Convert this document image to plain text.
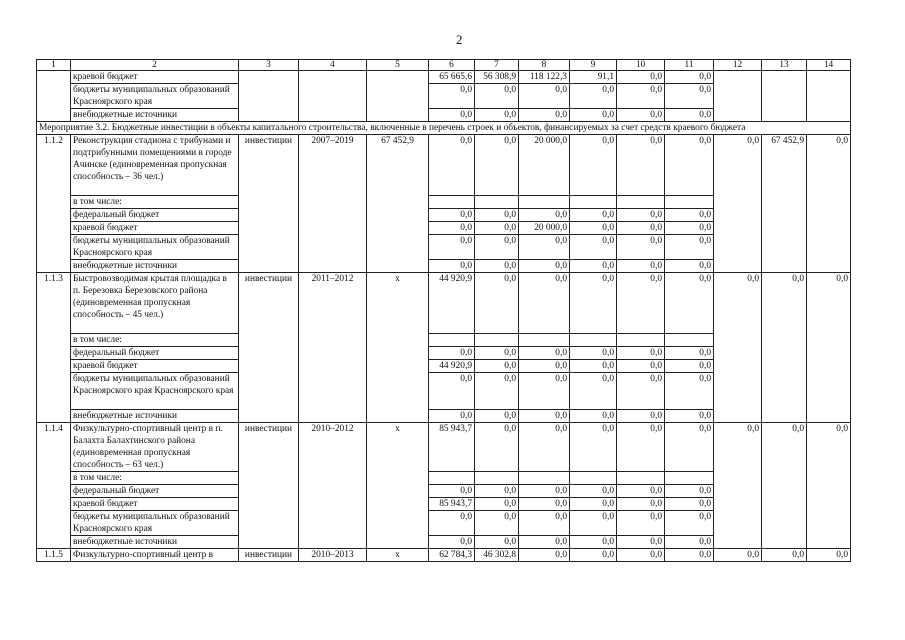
2
1	2	3	4	5	6	7	8	9	10	11	12	13	14
	краевой бюджет				65 665,6	56 308,9	118 122,3	91,1	0,0	0,0			
	бюджеты муниципальных образований Красноярского края				0,0	0,0	0,0	0,0	0,0	0,0			
	внебюджетные источники				0,0	0,0	0,0	0,0	0,0	0,0			
Мероприятие 3.2. Бюджетные инвестиции в объекты капитального строительства, включенные в перечень строек и объектов, финансируемых за счет средств краевого бюджета													
1.1.2	Реконструкция стадиона с трибунами и подтрибунными помещениями в городе Ачинске (единовременная пропускная способность – 36 чел.)	инвестиции	2007–2019	67 452,9	0,0	0,0	20 000,0	0,0	0,0	0,0	0,0	67 452,9	0,0
	в том числе:												
	федеральный бюджет				0,0	0,0	0,0	0,0	0,0	0,0			
	краевой бюджет				0,0	0,0	20 000,0	0,0	0,0	0,0			
	бюджеты муниципальных образований Красноярского края				0,0	0,0	0,0	0,0	0,0	0,0			
	внебюджетные источники				0,0	0,0	0,0	0,0	0,0	0,0			
1.1.3	Быстровозводимая крытая площадка в п. Березовка Березовского района (единовременная пропускная способность – 45 чел.)	инвестиции	2011–2012	х	44 920,9	0,0	0,0	0,0	0,0	0,0	0,0	0,0	0,0
	в том числе:												
	федеральный бюджет				0,0	0,0	0,0	0,0	0,0	0,0			
	краевой бюджет				44 920,9	0,0	0,0	0,0	0,0	0,0			
	бюджеты муниципальных образований Красноярского края Красноярского края				0,0	0,0	0,0	0,0	0,0	0,0			
	внебюджетные источники				0,0	0,0	0,0	0,0	0,0	0,0			
1.1.4	Физкультурно-спортивный центр в п. Балахта Балахтинского района (единовременная пропускная способность – 63 чел.)	инвестиции	2010–2012	х	85 943,7	0,0	0,0	0,0	0,0	0,0	0,0	0,0	0,0
	в том числе:												
	федеральный бюджет				0,0	0,0	0,0	0,0	0,0	0,0			
	краевой бюджет				85 943,7	0,0	0,0	0,0	0,0	0,0			
	бюджеты муниципальных образований Красноярского края				0,0	0,0	0,0	0,0	0,0	0,0			
	внебюджетные источники				0,0	0,0	0,0	0,0	0,0	0,0			
1.1.5	Физкультурно-спортивный центр в	инвестиции	2010–2013	х	62 784,3	46 302,8	0,0	0,0	0,0	0,0	0,0	0,0	0,0
